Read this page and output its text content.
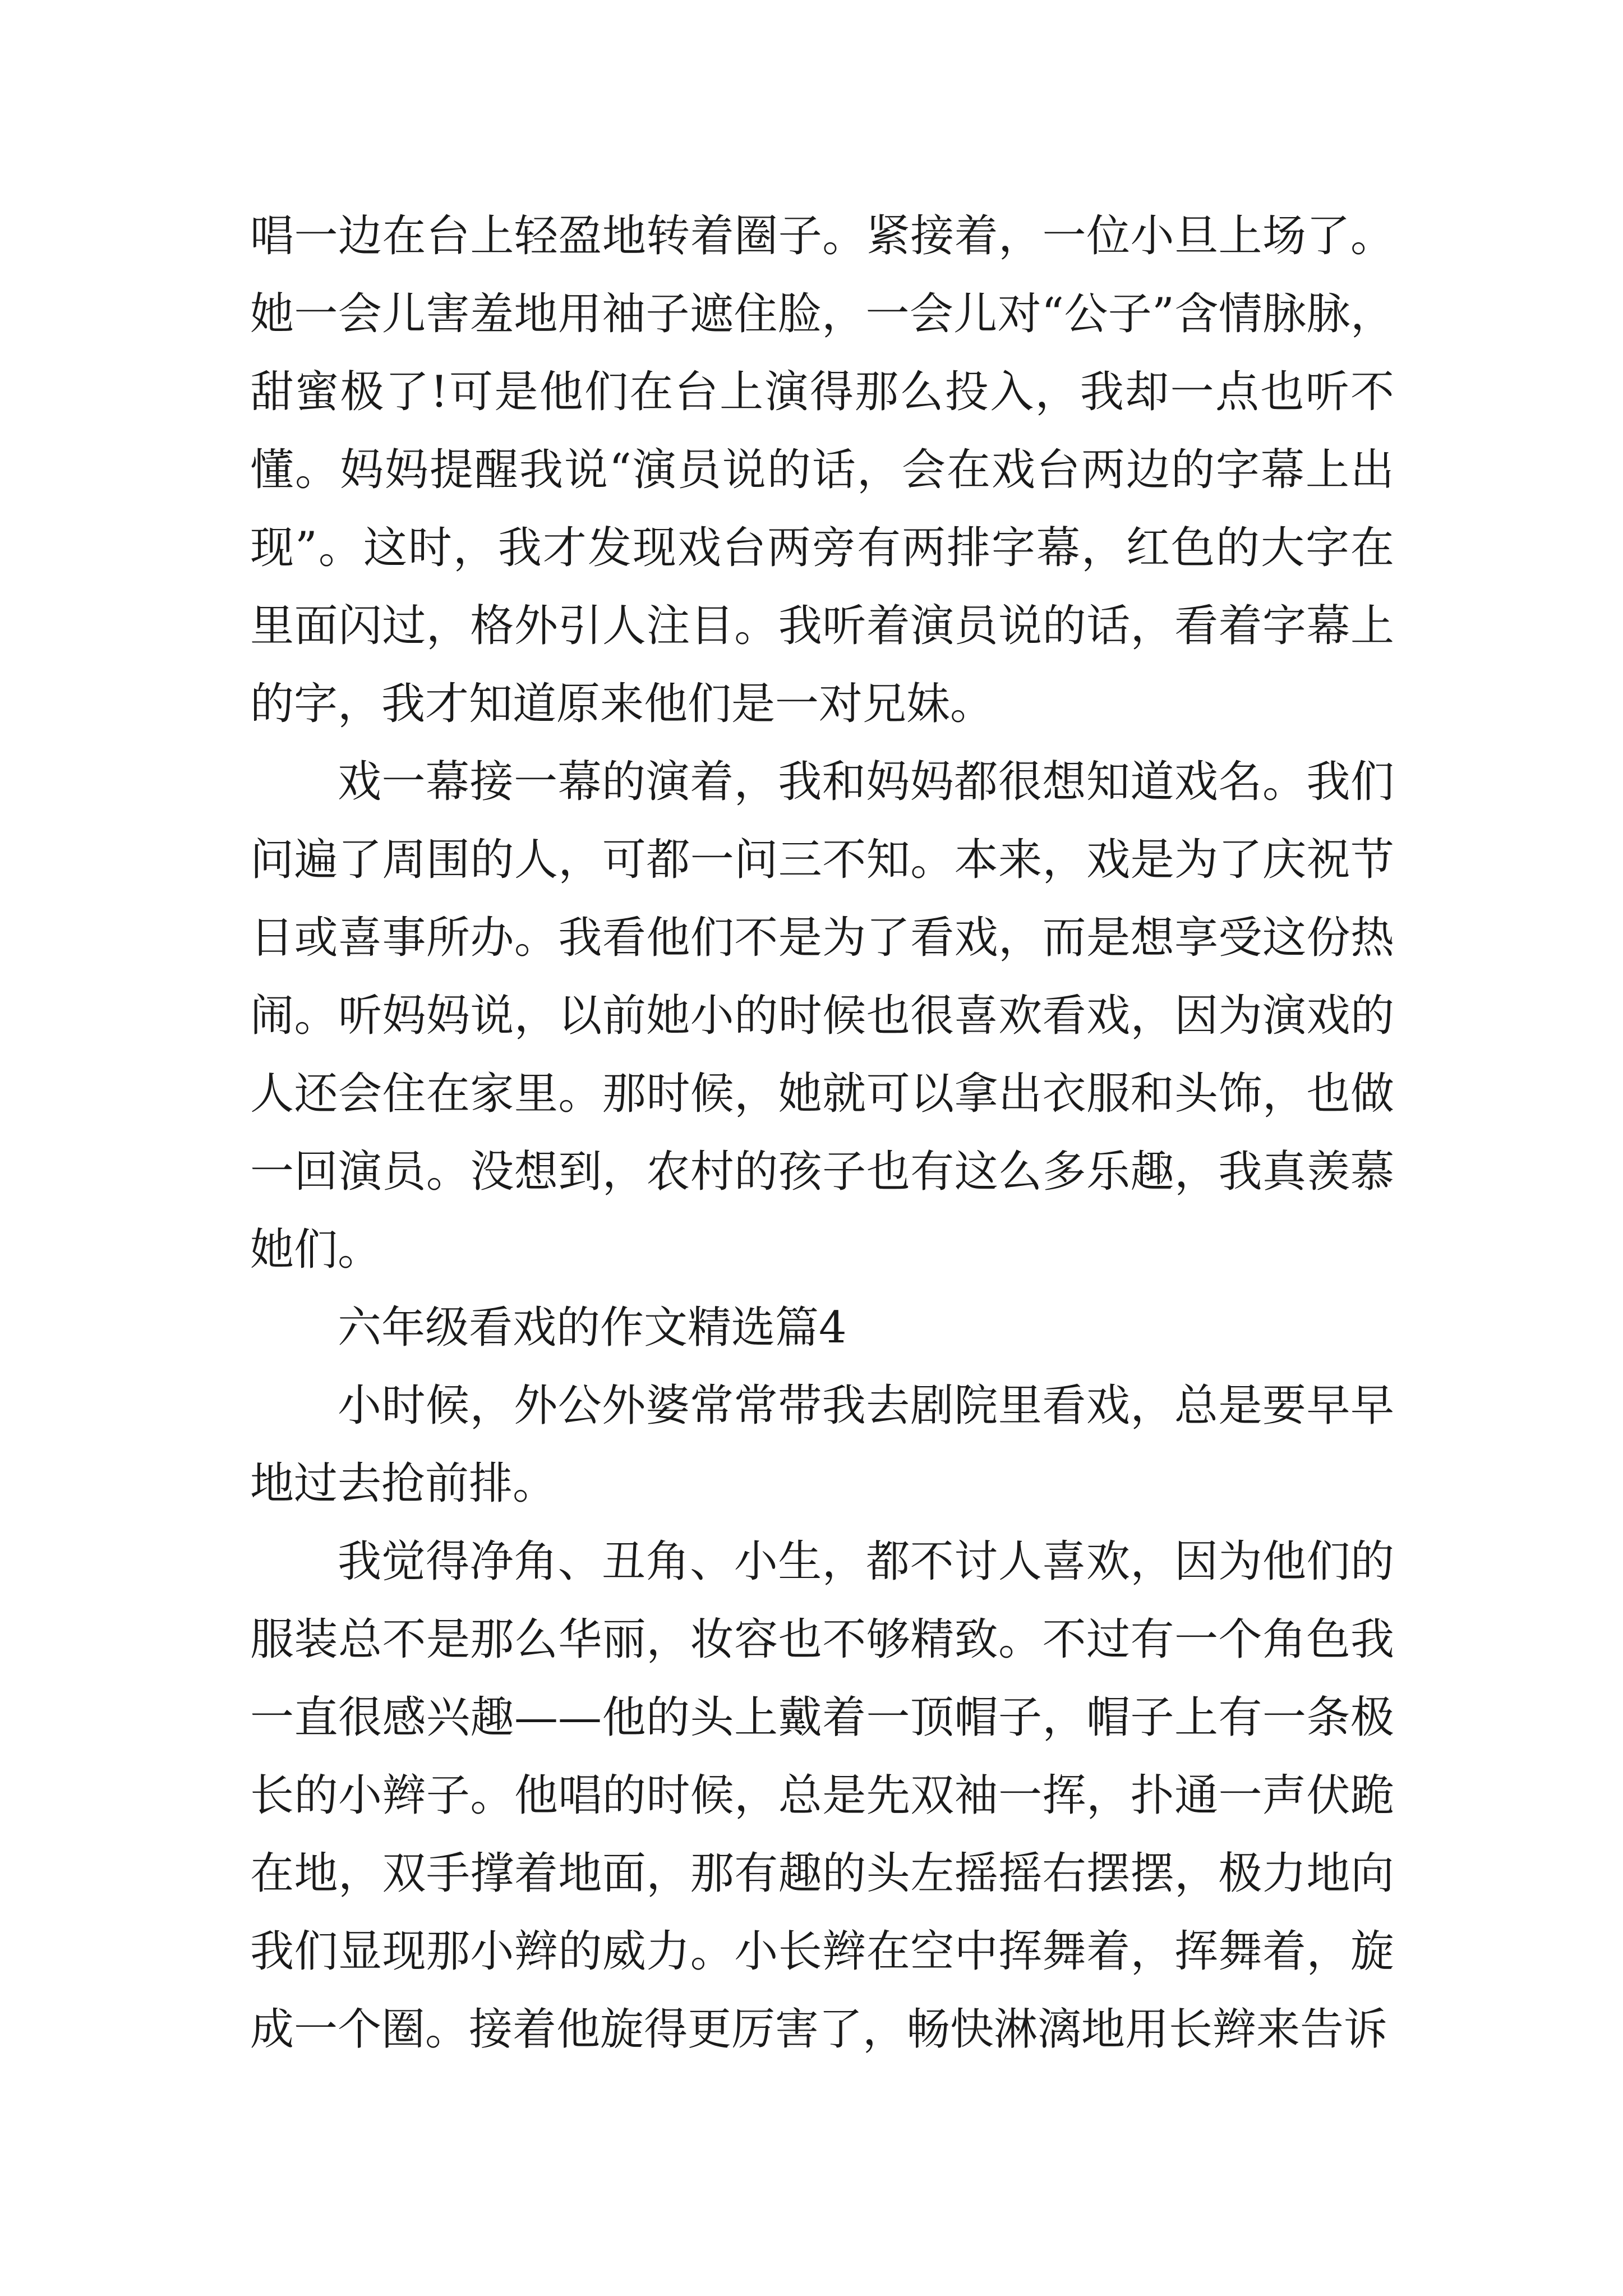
唱一边在台上轻盈地转着圈子。紧接着，一位小旦上场了。她一会儿害羞地用袖子遮住脸，一会儿对“公子”含情脉脉，甜蜜极了!可是他们在台上演得那么投入，我却一点也听不懂。妈妈提醒我说“演员说的话，会在戏台两边的字幕上出现”。这时，我才发现戏台两旁有两排字幕，红色的大字在里面闪过，格外引人注目。我听着演员说的话，看着字幕上的字，我才知道原来他们是一对兄妹。

戏一幕接一幕的演着，我和妈妈都很想知道戏名。我们问遍了周围的人，可都一问三不知。本来，戏是为了庆祝节日或喜事所办。我看他们不是为了看戏，而是想享受这份热闹。听妈妈说，以前她小的时候也很喜欢看戏，因为演戏的人还会住在家里。那时候，她就可以拿出衣服和头饰，也做一回演员。没想到，农村的孩子也有这么多乐趣，我真羡慕她们。

六年级看戏的作文精选篇4

小时候，外公外婆常常带我去剧院里看戏，总是要早早地过去抢前排。

我觉得净角、丑角、小生，都不讨人喜欢，因为他们的服装总不是那么华丽，妆容也不够精致。不过有一个角色我一直很感兴趣——他的头上戴着一顶帽子，帽子上有一条极长的小辫子。他唱的时候，总是先双袖一挥，扑通一声伏跪在地，双手撑着地面，那有趣的头左摇摇右摆摆，极力地向我们显现那小辫的威力。小长辫在空中挥舞着，挥舞着，旋成一个圈。接着他旋得更厉害了，畅快淋漓地用长辫来告诉
